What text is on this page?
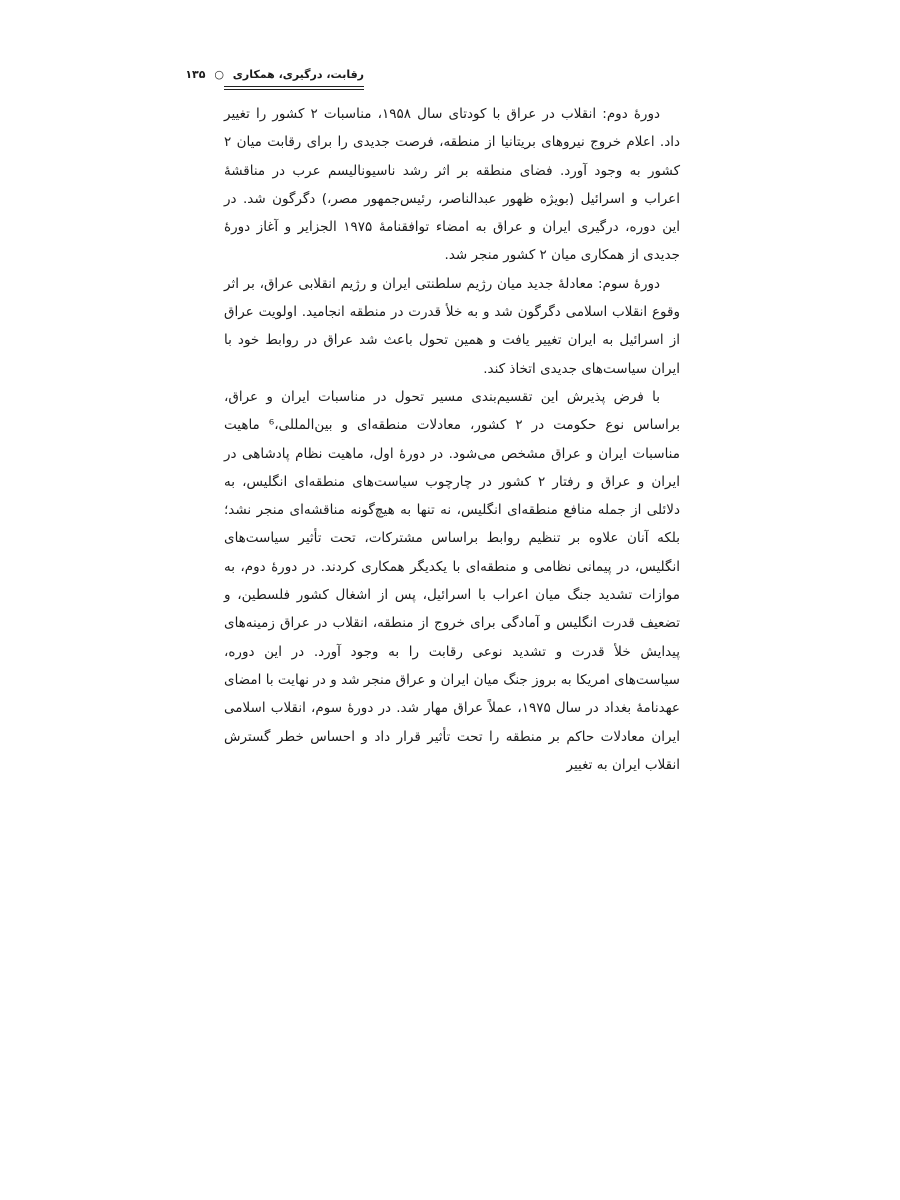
رقابت، درگیری، همکاری ○ ۱۳۵

دورۀ دوم: انقلاب در عراق با کودتای سال ۱۹۵۸، مناسبات ۲ کشور را تغییر داد. اعلام خروج نیروهای بریتانیا از منطقه، فرصت جدیدی را برای رقابت میان ۲ کشور به وجود آورد. فضای منطقه بر اثر رشد ناسیونالیسم عرب در مناقشۀ اعراب و اسرائیل (بویژه ظهور عبدالناصر، رئیس‌جمهور مصر،) دگرگون شد. در این دوره، درگیری ایران و عراق به امضاء توافقنامۀ ۱۹۷۵ الجزایر و آغاز دورۀ جدیدی از همکاری میان ۲ کشور منجر شد.

دورۀ سوم: معادلۀ جدید میان رژیم سلطنتی ایران و رژیم انقلابی عراق، بر اثر وقوع انقلاب اسلامی دگرگون شد و به خلأ قدرت در منطقه انجامید. اولویت عراق از اسرائیل به ایران تغییر یافت و همین تحول باعث شد عراق در روابط خود با ایران سیاست‌های جدیدی اتخاذ کند.

با فرض پذیرش این تقسیم‌بندی مسیر تحول در مناسبات ایران و عراق، براساس نوع حکومت در ۲ کشور، معادلات منطقه‌ای و بین‌المللی،⁶ ماهیت مناسبات ایران و عراق مشخص می‌شود. در دورۀ اول، ماهیت نظام پادشاهی در ایران و عراق و رفتار ۲ کشور در چارچوب سیاست‌های منطقه‌ای انگلیس، به دلائلی از جمله منافع منطقه‌ای انگلیس، نه تنها به هیچ‌گونه مناقشه‌ای منجر نشد؛ بلکه آنان علاوه بر تنظیم روابط براساس مشترکات، تحت تأثیر سیاست‌های انگلیس، در پیمانی نظامی و منطقه‌ای با یکدیگر همکاری کردند. در دورۀ دوم، به موازات تشدید جنگ میان اعراب با اسرائیل، پس از اشغال کشور فلسطین، و تضعیف قدرت انگلیس و آمادگی برای خروج از منطقه، انقلاب در عراق زمینه‌های پیدایش خلأ قدرت و تشدید نوعی رقابت را به وجود آورد. در این دوره، سیاست‌های امریکا به بروز جنگ میان ایران و عراق منجر شد و در نهایت با امضای عهدنامۀ بغداد در سال ۱۹۷۵، عملاً عراق مهار شد. در دورۀ سوم، انقلاب اسلامی ایران معادلات حاکم بر منطقه را تحت تأثیر قرار داد و احساس خطر گسترش انقلاب ایران به تغییر
